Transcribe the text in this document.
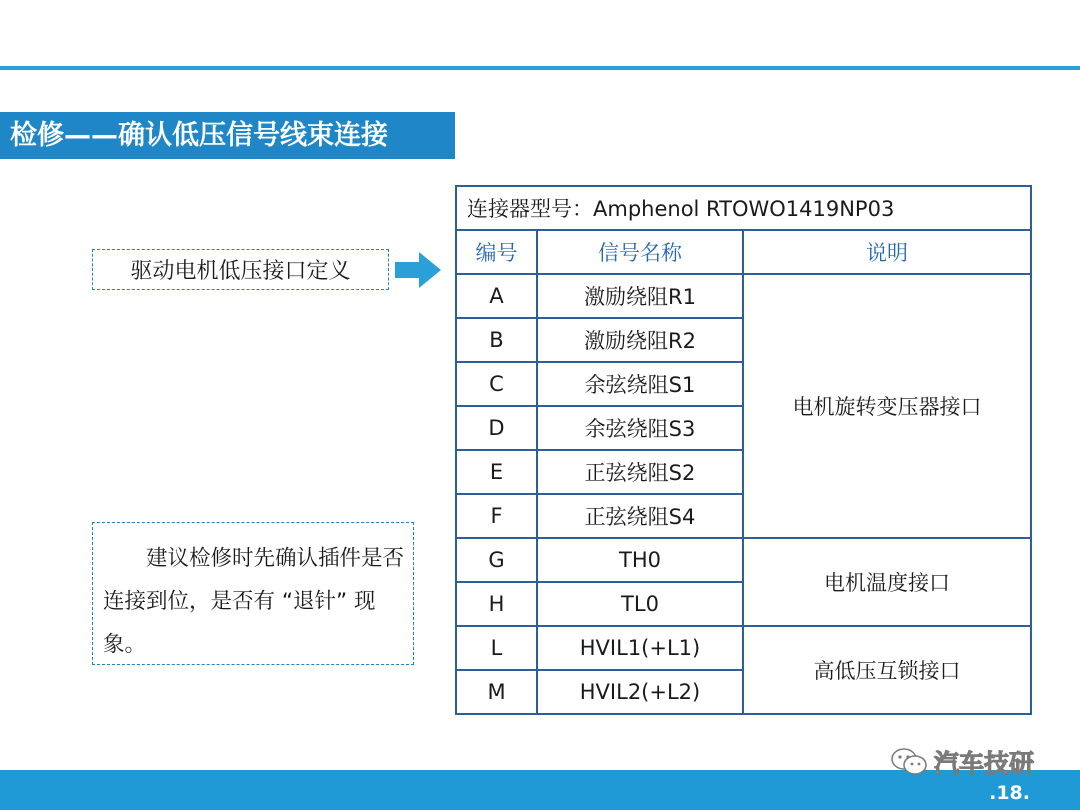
检修——确认低压信号线束连接
驱动电机低压接口定义

建议检修时先确认插件是否连接到位，是否有 “退针” 现象。

连接器型号：Amphenol RTOWO1419NP03		
编号	信号名称	说明
A	激励绕阻R1	电机旋转变压器接口
B	激励绕阻R2	
C	余弦绕阻S1	
D	余弦绕阻S3	
E	正弦绕阻S2	
F	正弦绕阻S4	
G	TH0	电机温度接口
H	TL0	
L	HVIL1(+L1)	高低压互锁接口
M	HVIL2(+L2)	
汽车技研
.18.
